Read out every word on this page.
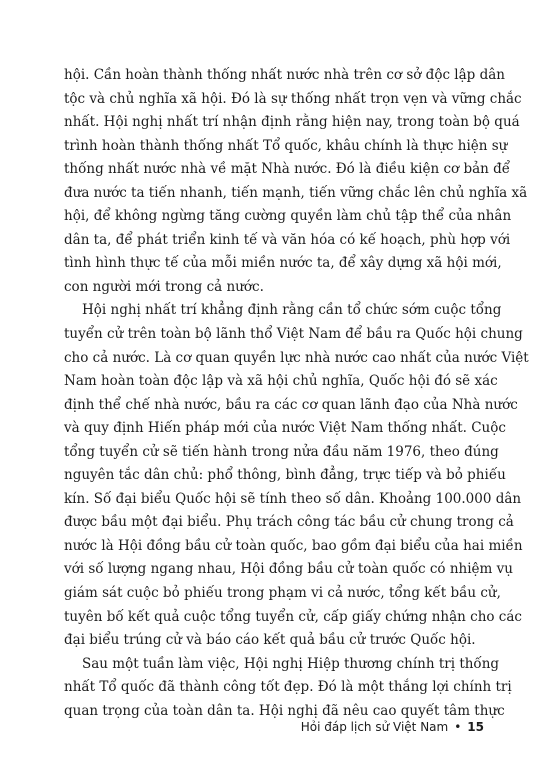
hội. Cần hoàn thành thống nhất nước nhà trên cơ sở độc lập dân
tộc và chủ nghĩa xã hội. Đó là sự thống nhất trọn vẹn và vững chắc
nhất. Hội nghị nhất trí nhận định rằng hiện nay, trong toàn bộ quá
trình hoàn thành thống nhất Tổ quốc, khâu chính là thực hiện sự
thống nhất nước nhà về mặt Nhà nước. Đó là điều kiện cơ bản để
đưa nước ta tiến nhanh, tiến mạnh, tiến vững chắc lên chủ nghĩa xã
hội, để không ngừng tăng cường quyền làm chủ tập thể của nhân
dân ta, để phát triển kinh tế và văn hóa có kế hoạch, phù hợp với
tình hình thực tế của mỗi miền nước ta, để xây dựng xã hội mới,
con người mới trong cả nước.
Hội nghị nhất trí khẳng định rằng cần tổ chức sớm cuộc tổng
tuyển cử trên toàn bộ lãnh thổ Việt Nam để bầu ra Quốc hội chung
cho cả nước. Là cơ quan quyền lực nhà nước cao nhất của nước Việt
Nam hoàn toàn độc lập và xã hội chủ nghĩa, Quốc hội đó sẽ xác
định thể chế nhà nước, bầu ra các cơ quan lãnh đạo của Nhà nước
và quy định Hiến pháp mới của nước Việt Nam thống nhất. Cuộc
tổng tuyển cử sẽ tiến hành trong nửa đầu năm 1976, theo đúng
nguyên tắc dân chủ: phổ thông, bình đẳng, trực tiếp và bỏ phiếu
kín. Số đại biểu Quốc hội sẽ tính theo số dân. Khoảng 100.000 dân
được bầu một đại biểu. Phụ trách công tác bầu cử chung trong cả
nước là Hội đồng bầu cử toàn quốc, bao gồm đại biểu của hai miền
với số lượng ngang nhau, Hội đồng bầu cử toàn quốc có nhiệm vụ
giám sát cuộc bỏ phiếu trong phạm vi cả nước, tổng kết bầu cử,
tuyên bố kết quả cuộc tổng tuyển cử, cấp giấy chứng nhận cho các
đại biểu trúng cử và báo cáo kết quả bầu cử trước Quốc hội.
Sau một tuần làm việc, Hội nghị Hiệp thương chính trị thống
nhất Tổ quốc đã thành công tốt đẹp. Đó là một thắng lợi chính trị
quan trọng của toàn dân ta. Hội nghị đã nêu cao quyết tâm thực
Hỏi đáp lịch sử Việt Nam • 15
